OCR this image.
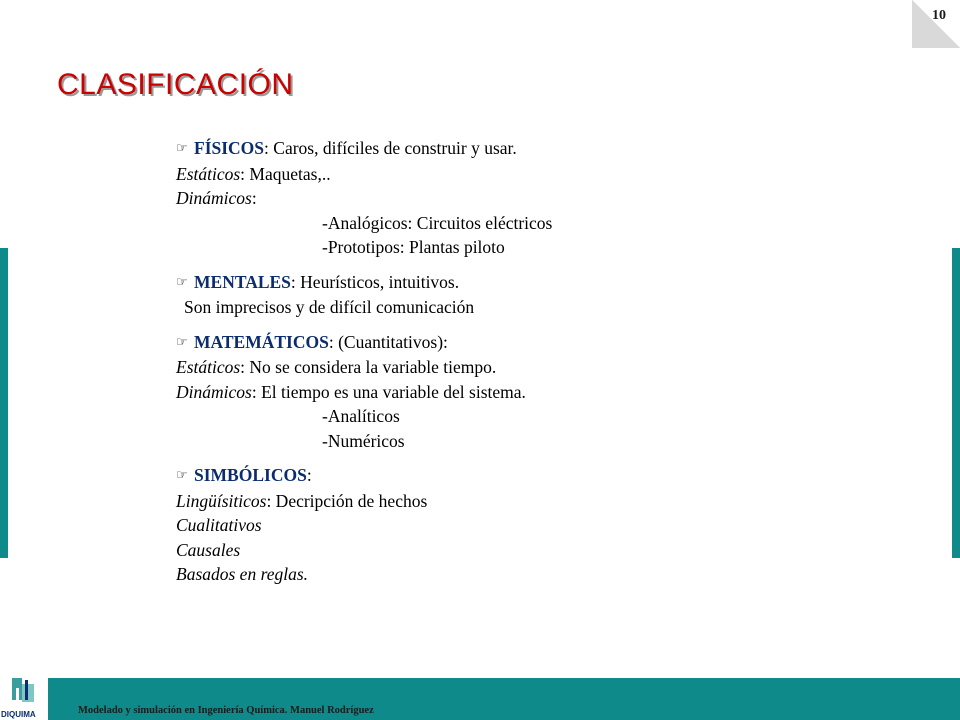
10
CLASIFICACIÓN
☞ FÍSICOS: Caros, difíciles de construir y usar.
Estáticos: Maquetas,..
Dinámicos:
-Analógicos: Circuitos eléctricos
-Prototipos: Plantas piloto
☞ MENTALES: Heurísticos, intuitivos.
Son imprecisos y de difícil comunicación
☞ MATEMÁTICOS: (Cuantitativos):
Estáticos: No se considera la variable tiempo.
Dinámicos: El tiempo es una variable del sistema.
-Analíticos
-Numéricos
☞ SIMBÓLICOS:
Lingüísiticos: Decripción de hechos
Cualitativos
Causales
Basados en reglas.
Modelado y simulación en Ingeniería Química. Manuel Rodríguez
DIQUIMA
